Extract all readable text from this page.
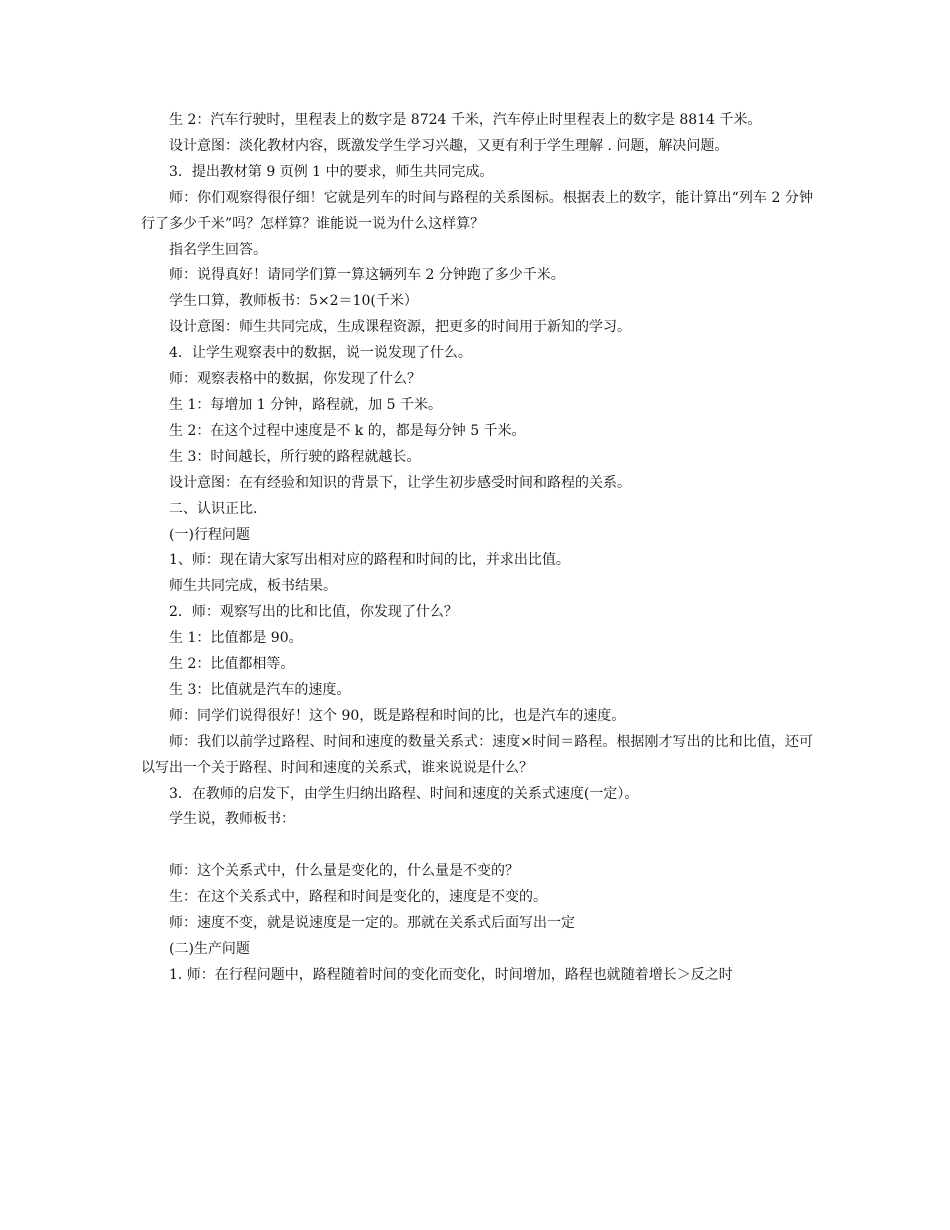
生 2：汽车行驶时，里程表上的数字是 8724 千米，汽车停止时里程表上的数字是 8814 千米。

设计意图：淡化教材内容，既激发学生学习兴趣，又更有利于学生理解 . 问题，解决问题。

3．提出教材第 9 页例 1 中的要求，师生共同完成。

师：你们观察得很仔细！它就是列车的时间与路程的关系图标。根据表上的数字，能计算出“列车 2 分钟行了多少千米”吗？怎样算？谁能说一说为什么这样算？

指名学生回答。

师：说得真好！请同学们算一算这辆列车 2 分钟跑了多少千米。

学生口算，教师板书：5×2＝10(千米）

设计意图：师生共同完成，生成课程资源，把更多的时间用于新知的学习。

4．让学生观察表中的数据，说一说发现了什么。

师：观察表格中的数据，你发现了什么？

生 1：每增加 1 分钟，路程就，加 5 千米。

生 2：在这个过程中速度是不 k 的，都是每分钟 5 千米。

生 3：时间越长，所行驶的路程就越长。

设计意图：在有经验和知识的背景下，让学生初步感受时间和路程的关系。

二、认识正比.

(一)行程问题

1、师：现在请大家写出相对应的路程和时间的比，并求出比值。

师生共同完成，板书结果。

2．师：观察写出的比和比值，你发现了什么？

生 1：比值都是 90。

生 2：比值都相等。

生 3：比值就是汽车的速度。

师：同学们说得很好！这个 90，既是路程和时间的比，也是汽车的速度。

师：我们以前学过路程、时间和速度的数量关系式：速度×时间＝路程。根据刚才写出的比和比值，还可以写出一个关于路程、时间和速度的关系式，谁来说说是什么？

3．在教师的启发下，由学生归纳出路程、时间和速度的关系式速度(一定）。

学生说，教师板书：

师：这个关系式中，什么量是变化的，什么量是不变的？

生：在这个关系式中，路程和时间是变化的，速度是不变的。

师：速度不变，就是说速度是一定的。那就在关系式后面写出一定

(二)生产问题

1. 师：在行程问题中，路程随着时间的变化而变化，时间增加，路程也就随着增长＞反之时
